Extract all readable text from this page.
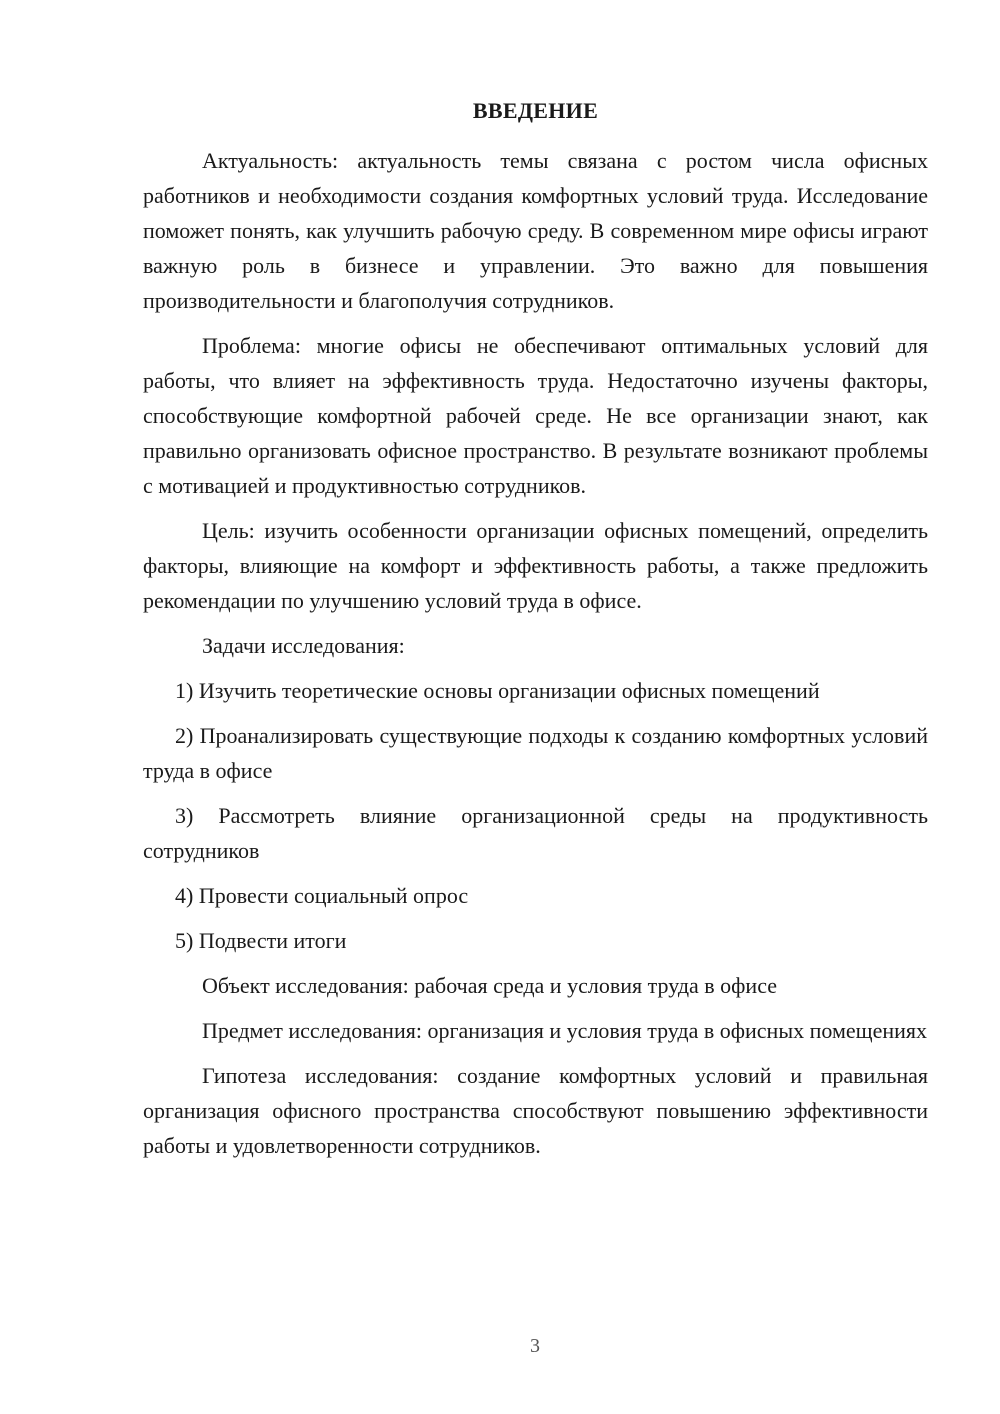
ВВЕДЕНИЕ

Актуальность: актуальность темы связана с ростом числа офисных работников и необходимости создания комфортных условий труда. Исследование поможет понять, как улучшить рабочую среду. В современном мире офисы играют важную роль в бизнесе и управлении. Это важно для повышения производительности и благополучия сотрудников.

Проблема: многие офисы не обеспечивают оптимальных условий для работы, что влияет на эффективность труда. Недостаточно изучены факторы, способствующие комфортной рабочей среде. Не все организации знают, как правильно организовать офисное пространство. В результате возникают проблемы с мотивацией и продуктивностью сотрудников.

Цель: изучить особенности организации офисных помещений, определить факторы, влияющие на комфорт и эффективность работы, а также предложить рекомендации по улучшению условий труда в офисе.

Задачи исследования:

1) Изучить теоретические основы организации офисных помещений

2) Проанализировать существующие подходы к созданию комфортных условий труда в офисе

3) Рассмотреть влияние организационной среды на продуктивность сотрудников

4) Провести социальный опрос

5) Подвести итоги

Объект исследования: рабочая среда и условия труда в офисе

Предмет исследования: организация и условия труда в офисных помещениях

Гипотеза исследования: создание комфортных условий и правильная организация офисного пространства способствуют повышению эффективности работы и удовлетворенности сотрудников.

3
